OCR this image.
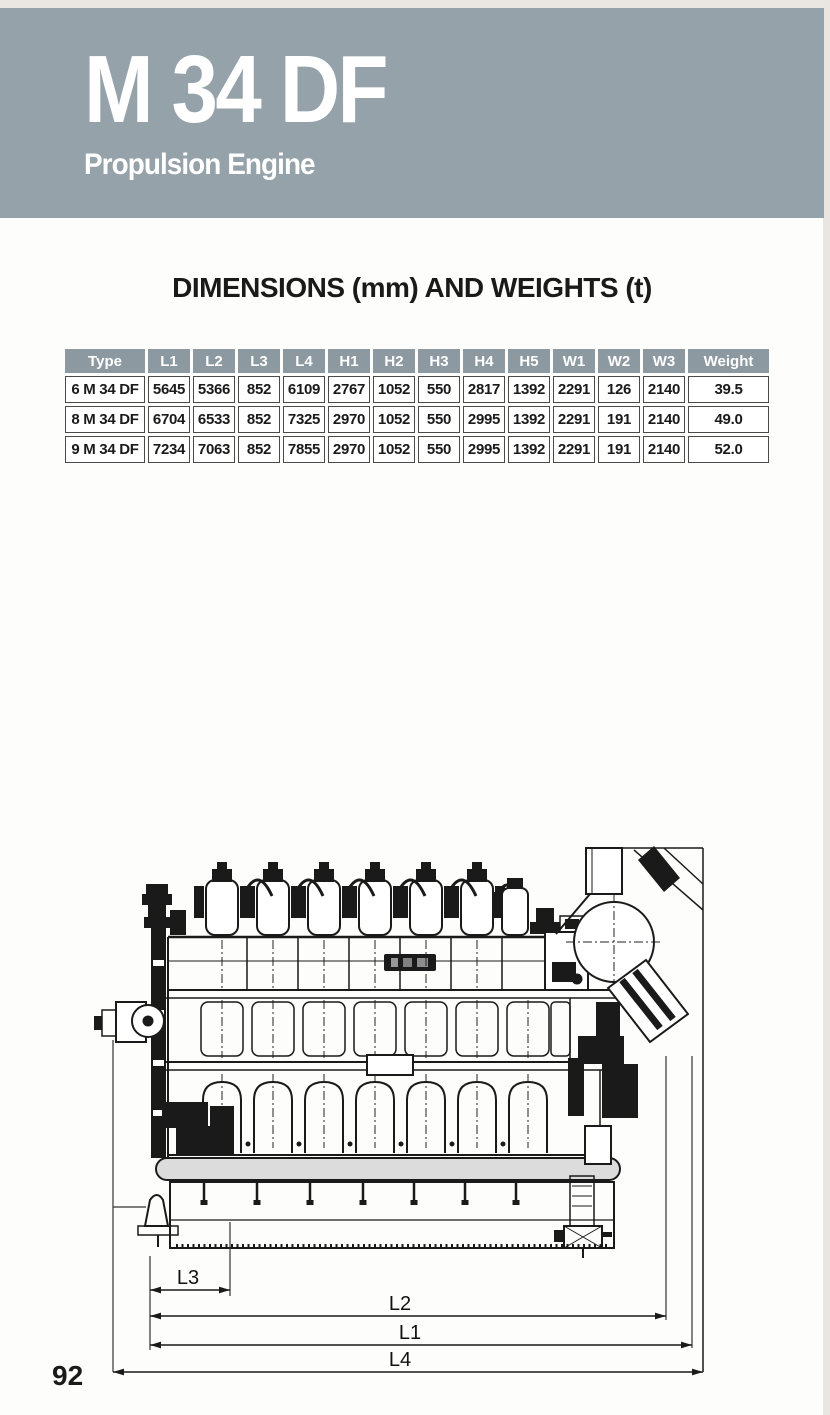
M 34 DF
Propulsion Engine
DIMENSIONS (mm) AND WEIGHTS (t)
Type	L1	L2	L3	L4	H1	H2	H3	H4	H5	W1	W2	W3	Weight
6 M 34 DF	5645	5366	852	6109	2767	1052	550	2817	1392	2291	126	2140	39.5
8 M 34 DF	6704	6533	852	7325	2970	1052	550	2995	1392	2291	191	2140	49.0
9 M 34 DF	7234	7063	852	7855	2970	1052	550	2995	1392	2291	191	2140	52.0
L3
L2
L1
L4
92
